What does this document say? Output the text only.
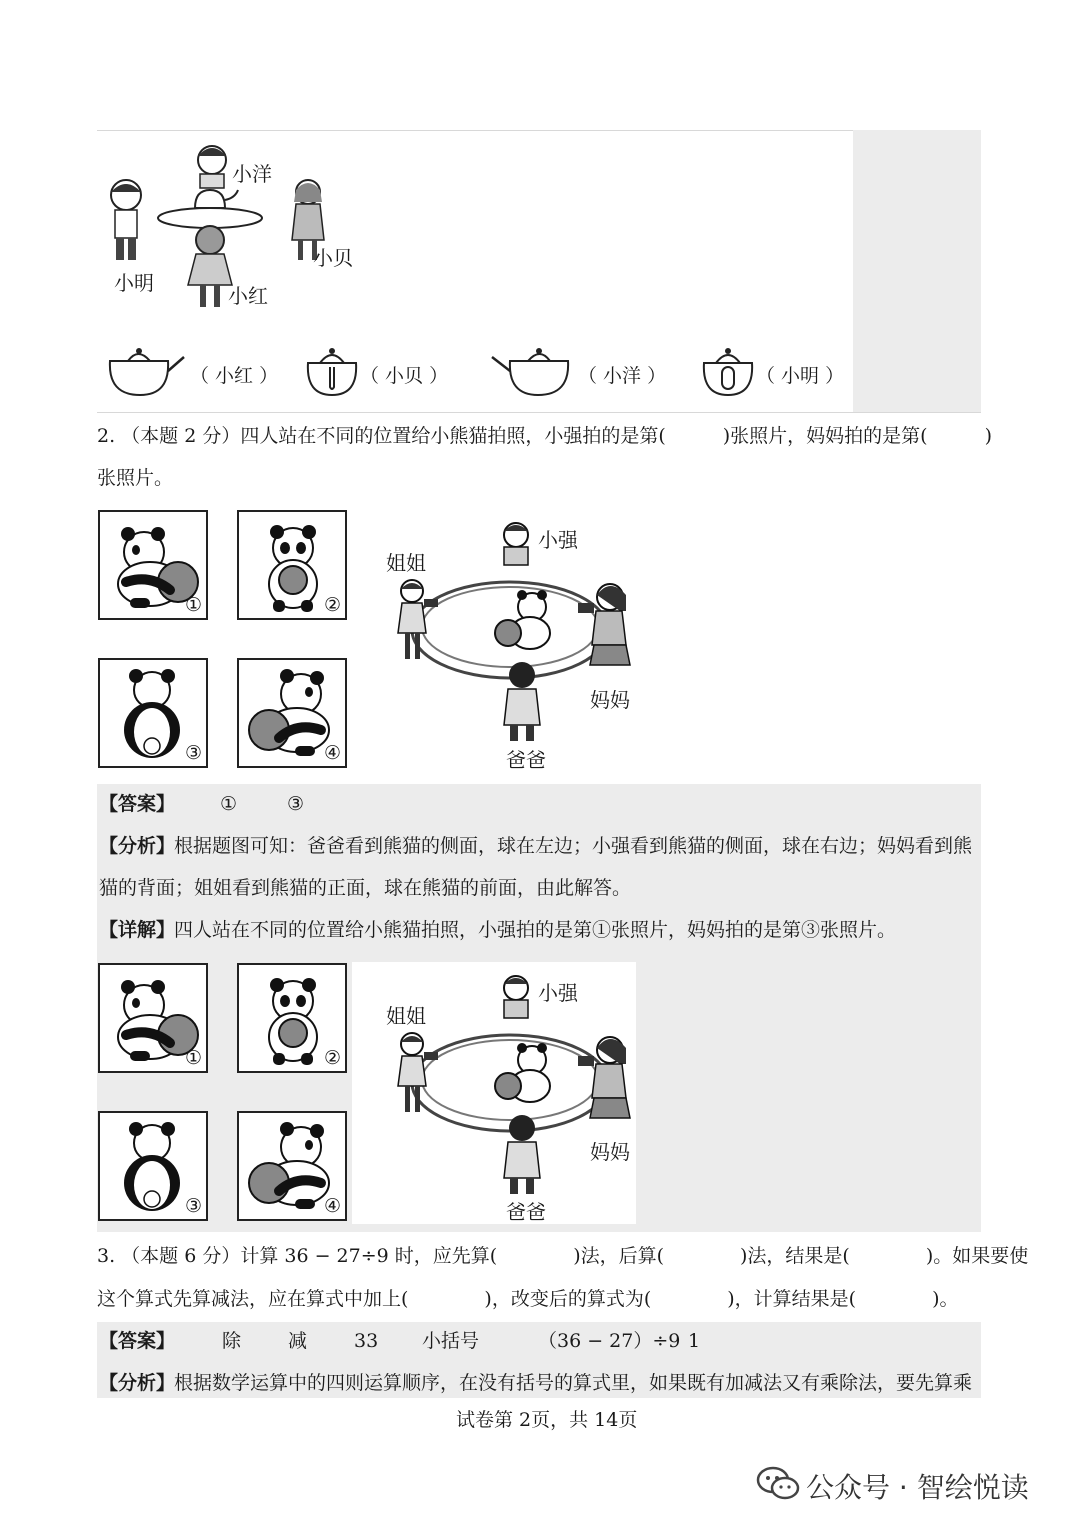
小洋
小明
小贝
小红
（ 小红 ）	（ 小贝 ）	（ 小洋 ）	（ 小明 ）
2. （本题 2 分）四人站在不同的位置给小熊猫拍照，小强拍的是第(　　　)张照片，妈妈拍的是第(　　　)
张照片。
①	②
③	④
小强
姐姐
妈妈
爸爸
【答案】 ①	③
【分析】
根据题图可知：爸爸看到熊猫的侧面，球在左边；小强看到熊猫的侧面，球在右边；妈妈看到熊
猫的背面；姐姐看到熊猫的正面，球在熊猫的前面，由此解答。
【详解】
四人站在不同的位置给小熊猫拍照，小强拍的是第①张照片，妈妈拍的是第③张照片。
①	②
③	④
小强
姐姐
妈妈
爸爸
3. （本题 6 分）计算 36 − 27÷9 时，应先算(　　　　)法，后算(　　　　)法，结果是(　　　　)。如果要使
这个算式先算减法，应在算式中加上(　　　　)，改变后的算式为(　　　　)，计算结果是(　　　　)。
【答案】 除 减 33 小括号	（36 − 27）÷9 1
【分析】
根据数学运算中的四则运算顺序，在没有括号的算式里，如果既有加减法又有乘除法，要先算乘
试卷第 2页，共 14页
公众号 · 智绘悦读
